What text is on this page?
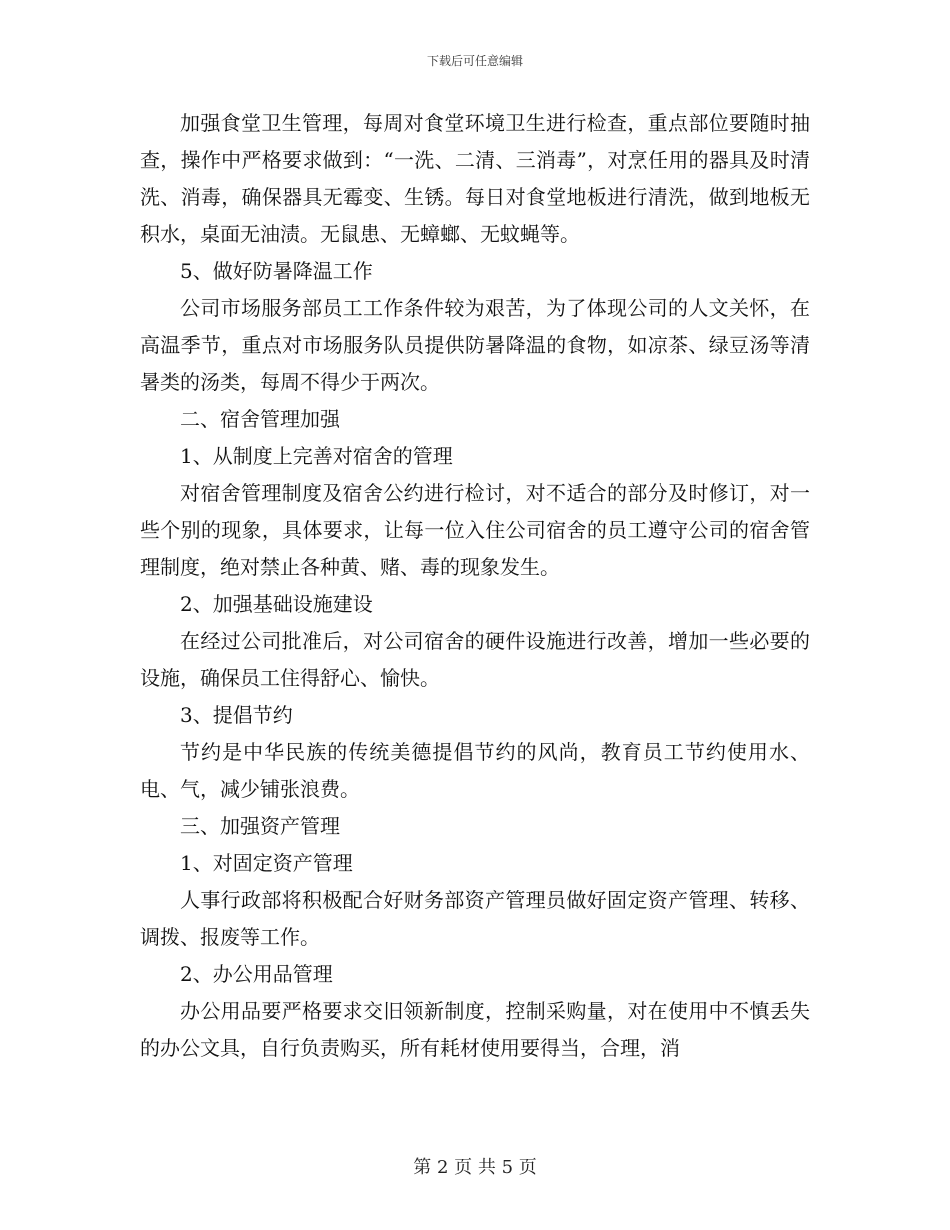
下载后可任意编辑

加强食堂卫生管理，每周对食堂环境卫生进行检查，重点部位要随时抽查，操作中严格要求做到：“一洗、二清、三消毒”，对烹任用的器具及时清洗、消毒，确保器具无霉变、生锈。每日对食堂地板进行清洗，做到地板无积水，桌面无油渍。无鼠患、无蟑螂、无蚊蝇等。

5、做好防暑降温工作

公司市场服务部员工工作条件较为艰苦，为了体现公司的人文关怀，在高温季节，重点对市场服务队员提供防暑降温的食物，如凉茶、绿豆汤等清暑类的汤类，每周不得少于两次。

二、宿舍管理加强

1、从制度上完善对宿舍的管理

对宿舍管理制度及宿舍公约进行检讨，对不适合的部分及时修订，对一些个别的现象，具体要求，让每一位入住公司宿舍的员工遵守公司的宿舍管理制度，绝对禁止各种黄、赌、毒的现象发生。

2、加强基础设施建设

在经过公司批准后，对公司宿舍的硬件设施进行改善，增加一些必要的设施，确保员工住得舒心、愉快。

3、提倡节约

节约是中华民族的传统美德提倡节约的风尚，教育员工节约使用水、电、气，减少铺张浪费。

三、加强资产管理

1、对固定资产管理

人事行政部将积极配合好财务部资产管理员做好固定资产管理、转移、调拨、报废等工作。

2、办公用品管理

办公用品要严格要求交旧领新制度，控制采购量，对在使用中不慎丢失的办公文具，自行负责购买，所有耗材使用要得当，合理，消

第 2 页 共 5 页
